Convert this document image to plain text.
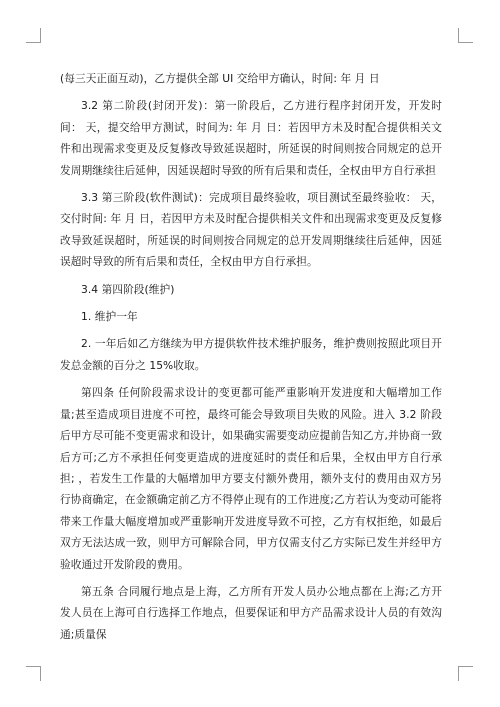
(每三天正面互动)，乙方提供全部 UI 交给甲方确认，时间: 年 月 日

3.2 第二阶段(封闭开发)：第一阶段后，乙方进行程序封闭开发，开发时间： 天，提交给甲方测试，时间为: 年 月 日：若因甲方未及时配合提供相关文件和出现需求变更及反复修改导致延误超时，所延误的时间则按合同规定的总开发周期继续往后延伸，因延误超时导致的所有后果和责任，全权由甲方自行承担

3.3 第三阶段(软件测试)：完成项目最终验收，项目测试至最终验收： 天，交付时间: 年 月 日，若因甲方未及时配合提供相关文件和出现需求变更及反复修改导致延误超时，所延误的时间则按合同规定的总开发周期继续往后延伸，因延误超时导致的所有后果和责任，全权由甲方自行承担。

3.4 第四阶段(维护)

1. 维护一年

2. 一年后如乙方继续为甲方提供软件技术维护服务，维护费则按照此项目开发总金额的百分之 15%收取。

第四条 任何阶段需求设计的变更都可能严重影响开发进度和大幅增加工作量;甚至造成项目进度不可控，最终可能会导致项目失败的风险。进入 3.2 阶段后甲方尽可能不变更需求和设计，如果确实需要变动应提前告知乙方,并协商一致后方可;乙方不承担任何变更造成的进度延时的责任和后果，全权由甲方自行承担; ，若发生工作量的大幅增加甲方要支付额外费用，额外支付的费用由双方另行协商确定，在金额确定前乙方不得停止现有的工作进度;乙方若认为变动可能将带来工作量大幅度增加或严重影响开发进度导致不可控，乙方有权拒绝，如最后双方无法达成一致，则甲方可解除合同，甲方仅需支付乙方实际已发生并经甲方验收通过开发阶段的费用。

第五条 合同履行地点是上海，乙方所有开发人员办公地点都在上海;乙方开发人员在上海可自行选择工作地点，但要保证和甲方产品需求设计人员的有效沟通;质量保
